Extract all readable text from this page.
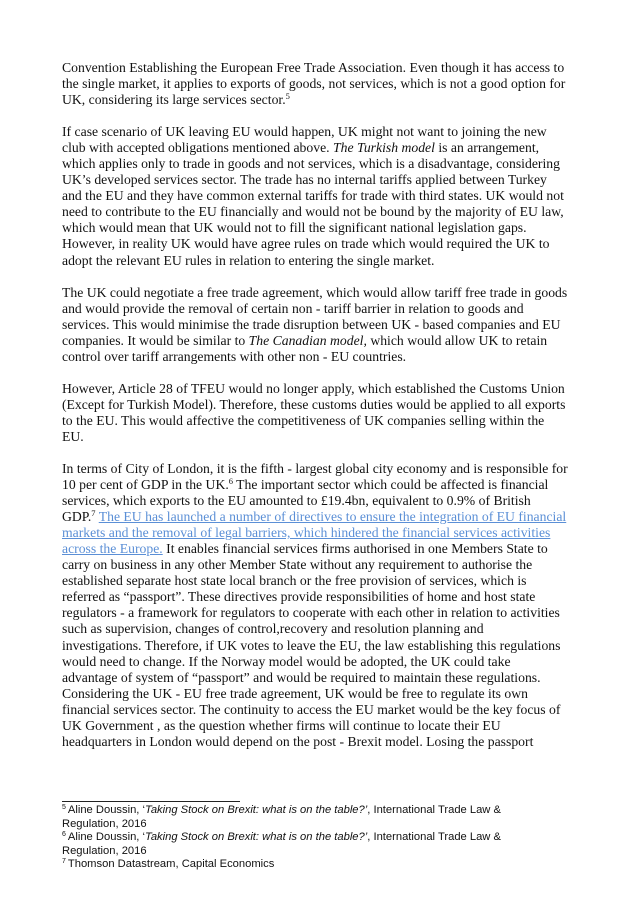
Convention Establishing the European Free Trade Association. Even though it has access to
the single market, it applies to exports of goods, not services, which is not a good option for
UK, considering its large services sector.$^5$

If case scenario of UK leaving EU would happen, UK might not want to joining the new
club with accepted obligations mentioned above. The Turkish model is an arrangement,
which applies only to trade in goods and not services, which is a disadvantage, considering
UK’s developed services sector. The trade has no internal tariffs applied between Turkey
and the EU and they have common external tariffs for trade with third states. UK would not
need to contribute to the EU financially and would not be bound by the majority of EU law,
which would mean that UK would not to fill the significant national legislation gaps.
However, in reality UK would have agree rules on trade which would required the UK to
adopt the relevant EU rules in relation to entering the single market.

The UK could negotiate a free trade agreement, which would allow tariff free trade in goods
and would provide the removal of certain non - tariff barrier in relation to goods and
services. This would minimise the trade disruption between UK - based companies and EU
companies. It would be similar to The Canadian model, which would allow UK to retain
control over tariff arrangements with other non - EU countries.

However, Article 28 of TFEU would no longer apply, which established the Customs Union
(Except for Turkish Model). Therefore, these customs duties would be applied to all exports
to the EU. This would affective the competitiveness of UK companies selling within the
EU.

In terms of City of London, it is the fifth - largest global city economy and is responsible for
10 per cent of GDP in the UK.$^6$ The important sector which could be affected is financial
services, which exports to the EU amounted to £19.4bn, equivalent to 0.9% of British
GDP.$^7$ The EU has launched a number of directives to ensure the integration of EU financial
markets and the removal of legal barriers, which hindered the financial services activities
across the Europe. It enables financial services firms authorised in one Members State to
carry on business in any other Member State without any requirement to authorise the
established separate host state local branch or the free provision of services, which is
referred as “passport”. These directives provide responsibilities of home and host state
regulators - a framework for regulators to cooperate with each other in relation to activities
such as supervision, changes of control,recovery and resolution planning and
investigations. Therefore, if UK votes to leave the EU, the law establishing this regulations
would need to change. If the Norway model would be adopted, the UK could take
advantage of system of “passport” and would be required to maintain these regulations.
Considering the UK - EU free trade agreement, UK would be free to regulate its own
financial services sector. The continuity to access the EU market would be the key focus of
UK Government , as the question whether firms will continue to locate their EU
headquarters in London would depend on the post - Brexit model. Losing the passport

$^5$ Aline Doussin, ‘Taking Stock on Brexit: what is on the table?’, International Trade Law &
Regulation, 2016
$^6$ Aline Doussin, ‘Taking Stock on Brexit: what is on the table?’, International Trade Law &
Regulation, 2016
$^7$ Thomson Datastream, Capital Economics
